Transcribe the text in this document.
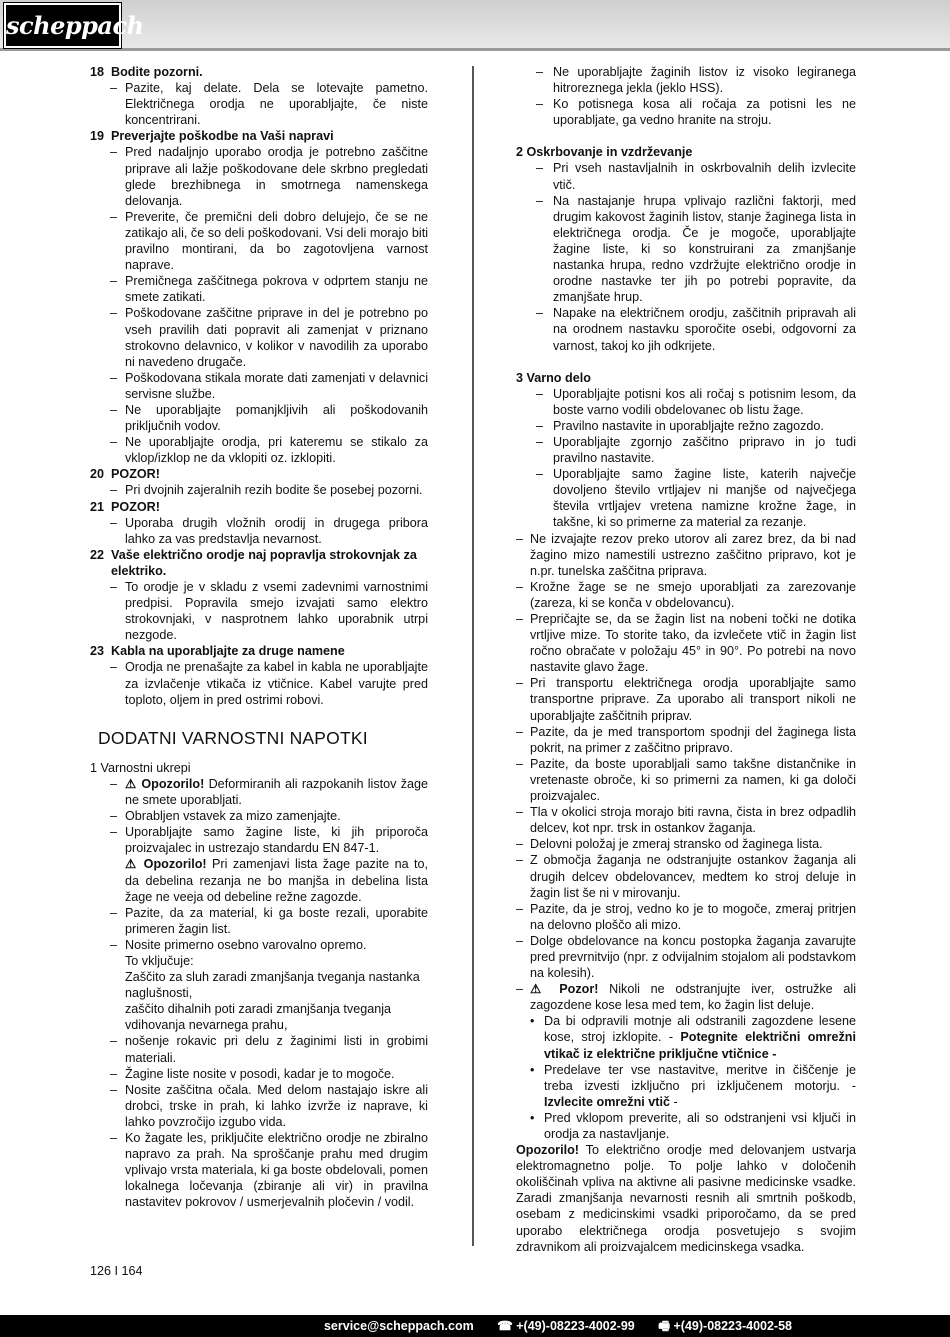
scheppach
18 Bodite pozorni.
– Pazite, kaj delate. Dela se lotevajte pametno. Električnega orodja ne uporabljajte, če niste koncentrirani.
19 Preverjajte poškodbe na Vaši napravi
– Pred nadaljnjo uporabo orodja je potrebno zaščitne priprave ali lažje poškodovane dele skrbno pregledati glede brezhibnega in smotrnega namenskega delovanja.
– Preverite, če premični deli dobro delujejo, če se ne zatikajo ali, če so deli poškodovani. Vsi deli morajo biti pravilno montirani, da bo zagotovljena varnost naprave.
– Premičnega zaščitnega pokrova v odprtem stanju ne smete zatikati.
– Poškodovane zaščitne priprave in del je potrebno po vseh pravilih dati popravit ali zamenjat v priznano strokovno delavnico, v kolikor v navodilih za uporabo ni navedeno drugače.
– Poškodovana stikala morate dati zamenjati v delavnici servisne službe.
– Ne uporabljajte pomanjkljivih ali poškodovanih priključnih vodov.
– Ne uporabljajte orodja, pri kateremu se stikalo za vklop/izklop ne da vklopiti oz. izklopiti.
20 POZOR!
– Pri dvojnih zajeralnih rezih bodite še posebej pozorni.
21 POZOR!
– Uporaba drugih vložnih orodij in drugega pribora lahko za vas predstavlja nevarnost.
22 Vaše električno orodje naj popravlja strokovnjak za elektriko.
– To orodje je v skladu z vsemi zadevnimi varnostnimi predpisi. Popravila smejo izvajati samo elektro strokovnjaki, v nasprotnem lahko uporabnik utrpi nezgode.
23 Kabla na uporabljajte za druge namene
– Orodja ne prenašajte za kabel in kabla ne uporabljajte za izvlačenje vtikača iz vtičnice. Kabel varujte pred toploto, oljem in pred ostrimi robovi.
DODATNI VARNOSTNI NAPOTKI
1 Varnostni ukrepi
– ⚠ Opozorilo! Deformiranih ali razpokanih listov žage ne smete uporabljati.
– Obrabljen vstavek za mizo zamenjajte.
– Uporabljajte samo žagine liste, ki jih priporoča proizvajalec in ustrezajo standardu EN 847-1.
⚠ Opozorilo! Pri zamenjavi lista žage pazite na to, da debelina rezanja ne bo manjša in debelina lista žage ne veeja od debeline režne zagozde.
– Pazite, da za material, ki ga boste rezali, uporabite primeren žagin list.
– Nosite primerno osebno varovalno opremo.
To vključuje:
Zaščito za sluh zaradi zmanjšanja tveganja nastanka naglušnosti,
zaščito dihalnih poti zaradi zmanjšanja tveganja vdihovanja nevarnega prahu,
– nošenje rokavic pri delu z žaginimi listi in grobimi materiali.
– Žagine liste nosite v posodi, kadar je to mogoče.
– Nosite zaščitna očala. Med delom nastajajo iskre ali drobci, trske in prah, ki lahko izvrže iz naprave, ki lahko povzročijo izgubo vida.
– Ko žagate les, priključite električno orodje ne zbiralno napravo za prah. Na sproščanje prahu med drugim vplivajo vrsta materiala, ki ga boste obdelovali, pomen lokalnega ločevanja (zbiranje ali vir) in pravilna nastavitev pokrovov / usmerjevalnih pločevin / vodil.
– Ne uporabljajte žaginih listov iz visoko legiranega hitroreznega jekla (jeklo HSS).
– Ko potisnega kosa ali ročaja za potisni les ne uporabljate, ga vedno hranite na stroju.
2 Oskrbovanje in vzdrževanje
– Pri vseh nastavljalnih in oskrbovalnih delih izvlecite vtič.
– Na nastajanje hrupa vplivajo različni faktorji, med drugim kakovost žaginih listov, stanje žaginega lista in električnega orodja. Če je mogoče, uporabljajte žagine liste, ki so konstruirani za zmanjšanje nastanka hrupa, redno vzdržujte električno orodje in orodne nastavke ter jih po potrebi popravite, da zmanjšate hrup.
– Napake na električnem orodju, zaščitnih pripravah ali na orodnem nastavku sporočite osebi, odgovorni za varnost, takoj ko jih odkrijete.
3 Varno delo
– Uporabljajte potisni kos ali ročaj s potisnim lesom, da boste varno vodili obdelovanec ob listu žage.
– Pravilno nastavite in uporabljajte režno zagozdo.
– Uporabljajte zgornjo zaščitno pripravo in jo tudi pravilno nastavite.
– Uporabljajte samo žagine liste, katerih največje dovoljeno število vrtljajev ni manjše od največjega števila vrtljajev vretena namizne krožne žage, in takšne, ki so primerne za material za rezanje.
– Ne izvajajte rezov preko utorov ali zarez brez, da bi nad žagino mizo namestili ustrezno zaščitno pripravo, kot je n.pr. tunelska zaščitna priprava.
– Krožne žage se ne smejo uporabljati za zarezovanje (zareza, ki se konča v obdelovancu).
– Prepričajte se, da se žagin list na nobeni točki ne dotika vrtljive mize. To storite tako, da izvlečete vtič in žagin list ročno obračate v položaju 45° in 90°. Po potrebi na novo nastavite glavo žage.
– Pri transportu električnega orodja uporabljajte samo transportne priprave. Za uporabo ali transport nikoli ne uporabljajte zaščitnih priprav.
– Pazite, da je med transportom spodnji del žaginega lista pokrit, na primer z zaščitno pripravo.
– Pazite, da boste uporabljali samo takšne distančnike in vretenaste obroče, ki so primerni za namen, ki ga določi proizvajalec.
– Tla v okolici stroja morajo biti ravna, čista in brez odpadlih delcev, kot npr. trsk in ostankov žaganja.
– Delovni položaj je zmeraj stransko od žaginega lista.
– Z območja žaganja ne odstranjujte ostankov žaganja ali drugih delcev obdelovancev, medtem ko stroj deluje in žagin list še ni v mirovanju.
– Pazite, da je stroj, vedno ko je to mogoče, zmeraj pritrjen na delovno ploščo ali mizo.
– Dolge obdelovance na koncu postopka žaganja zavarujte pred prevrnitvijo (npr. z odvijalnim stojalom ali podstavkom na kolesih).
– ⚠ Pozor! Nikoli ne odstranjujte iver, ostružke ali zagozdene kose lesa med tem, ko žagin list deluje.
• Da bi odpravili motnje ali odstranili zagozdene lesene kose, stroj izklopite. - Potegnite električni omrežni vtikač iz električne priključne vtičnice -
• Predelave ter vse nastavitve, meritve in čiščenje je treba izvesti izključno pri izključenem motorju. - Izvlecite omrežni vtič -
• Pred vklopom preverite, ali so odstranjeni vsi ključi in orodja za nastavljanje.
Opozorilo! To električno orodje med delovanjem ustvarja elektromagnetno polje. To polje lahko v določenih okoliščinah vpliva na aktivne ali pasivne medicinske vsadke. Zaradi zmanjšanja nevarnosti resnih ali smrtnih poškodb, osebam z medicinskimi vsadki priporočamo, da se pred uporabo električnega orodja posvetujejo s svojim zdravnikom ali proizvajalcem medicinskega vsadka.
126 I 164
service@scheppach.com ☎ +(49)-08223-4002-99 🖷 +(49)-08223-4002-58
